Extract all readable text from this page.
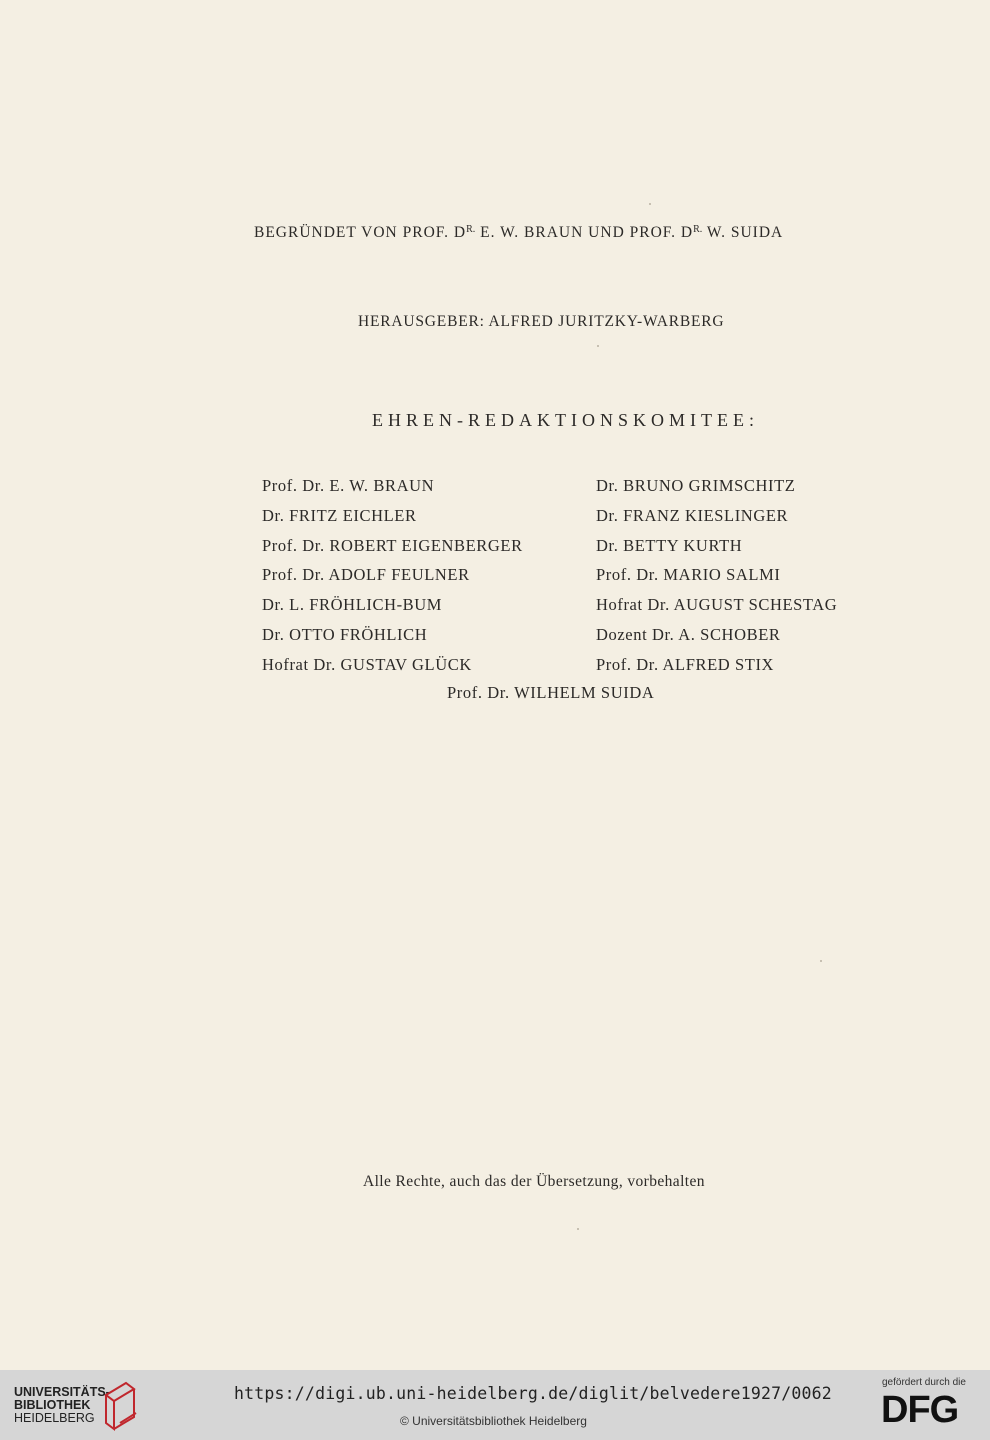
BEGRÜNDET VON PROF. $D^{R.}$ E. W. BRAUN UND PROF. $D^{R.}$ W. SUIDA
HERAUSGEBER: ALFRED JURITZKY-WARBERG
EHREN-REDAKTIONSKOMITEE:
Prof. Dr. E. W. BRAUN
Dr. FRITZ EICHLER
Prof. Dr. ROBERT EIGENBERGER
Prof. Dr. ADOLF FEULNER
Dr. L. FRÖHLICH-BUM
Dr. OTTO FRÖHLICH
Hofrat Dr. GUSTAV GLÜCK
Dr. BRUNO GRIMSCHITZ
Dr. FRANZ KIESLINGER
Dr. BETTY KURTH
Prof. Dr. MARIO SALMI
Hofrat Dr. AUGUST SCHESTAG
Dozent Dr. A. SCHOBER
Prof. Dr. ALFRED STIX
Prof. Dr. WILHELM SUIDA
Alle Rechte, auch das der Übersetzung, vorbehalten
UNIVERSITÄTS-
BIBLIOTHEK
HEIDELBERG
https://digi.ub.uni-heidelberg.de/diglit/belvedere1927/0062
© Universitätsbibliothek Heidelberg
gefördert durch die
DFG
